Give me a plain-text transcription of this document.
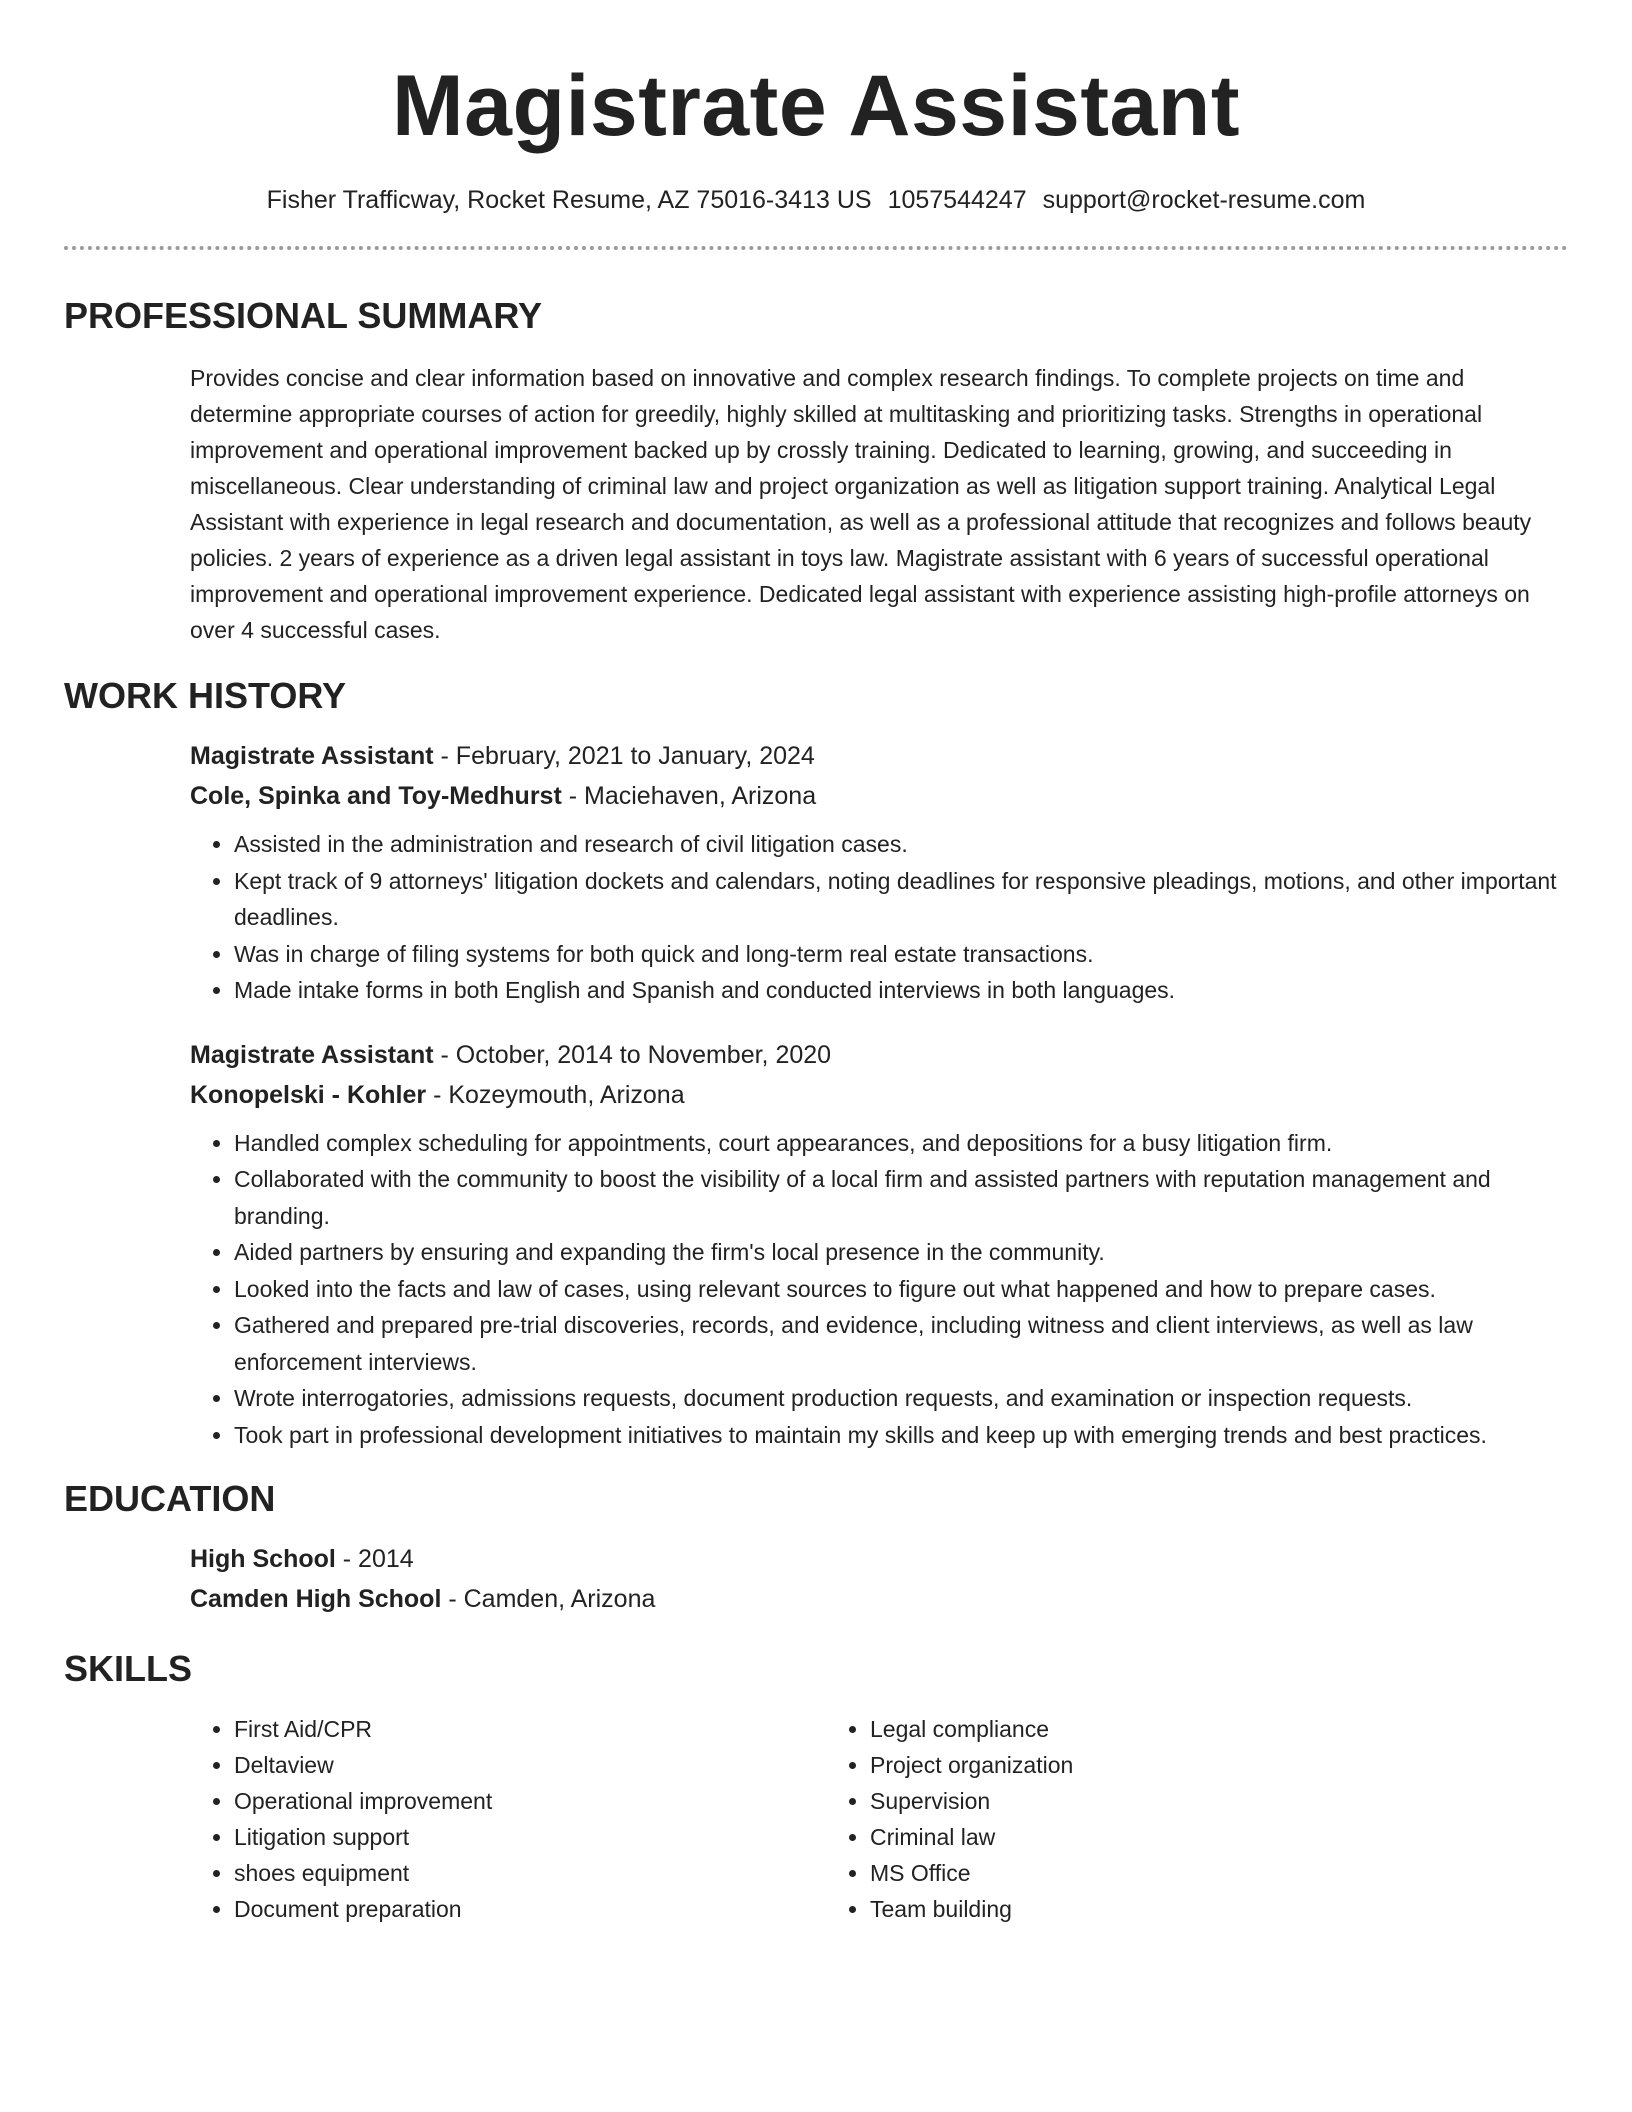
Magistrate Assistant
Fisher Trafficway, Rocket Resume, AZ 75016-3413 US 1057544247 support@rocket-resume.com
PROFESSIONAL SUMMARY
Provides concise and clear information based on innovative and complex research findings. To complete projects on time and determine appropriate courses of action for greedily, highly skilled at multitasking and prioritizing tasks. Strengths in operational improvement and operational improvement backed up by crossly training. Dedicated to learning, growing, and succeeding in miscellaneous. Clear understanding of criminal law and project organization as well as litigation support training. Analytical Legal Assistant with experience in legal research and documentation, as well as a professional attitude that recognizes and follows beauty policies. 2 years of experience as a driven legal assistant in toys law. Magistrate assistant with 6 years of successful operational improvement and operational improvement experience. Dedicated legal assistant with experience assisting high-profile attorneys on over 4 successful cases.
WORK HISTORY
Magistrate Assistant - February, 2021 to January, 2024
Cole, Spinka and Toy-Medhurst - Maciehaven, Arizona
• Assisted in the administration and research of civil litigation cases.
• Kept track of 9 attorneys' litigation dockets and calendars, noting deadlines for responsive pleadings, motions, and other important deadlines.
• Was in charge of filing systems for both quick and long-term real estate transactions.
• Made intake forms in both English and Spanish and conducted interviews in both languages.
Magistrate Assistant - October, 2014 to November, 2020
Konopelski - Kohler - Kozeymouth, Arizona
• Handled complex scheduling for appointments, court appearances, and depositions for a busy litigation firm.
• Collaborated with the community to boost the visibility of a local firm and assisted partners with reputation management and branding.
• Aided partners by ensuring and expanding the firm's local presence in the community.
• Looked into the facts and law of cases, using relevant sources to figure out what happened and how to prepare cases.
• Gathered and prepared pre-trial discoveries, records, and evidence, including witness and client interviews, as well as law enforcement interviews.
• Wrote interrogatories, admissions requests, document production requests, and examination or inspection requests.
• Took part in professional development initiatives to maintain my skills and keep up with emerging trends and best practices.
EDUCATION
High School - 2014
Camden High School - Camden, Arizona
SKILLS
• First Aid/CPR
• Deltaview
• Operational improvement
• Litigation support
• shoes equipment
• Document preparation
• Legal compliance
• Project organization
• Supervision
• Criminal law
• MS Office
• Team building
